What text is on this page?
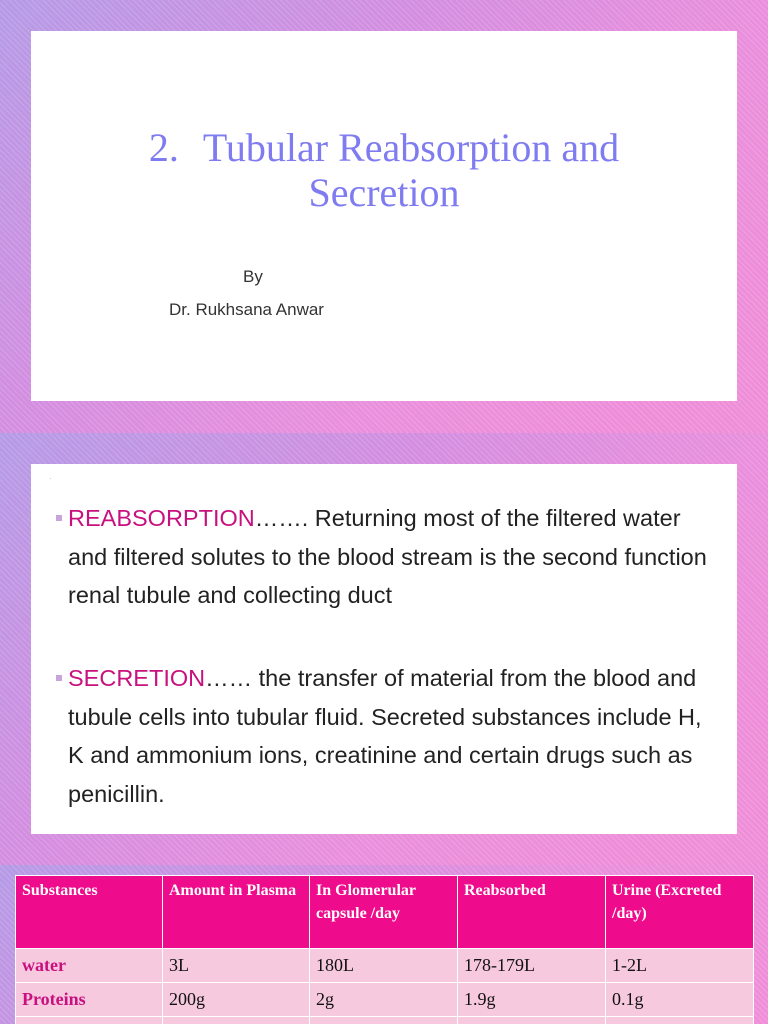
2. Tubular Reabsorption and
Secretion
By
Dr. Rukhsana Anwar
·
REABSORPTION……. Returning most of the filtered water and filtered solutes to the blood stream is the second function renal tubule and collecting duct
SECRETION…… the transfer of material from the blood and tubule cells into tubular fluid. Secreted substances include H, K and ammonium ions, creatinine and certain drugs such as penicillin.
Substances	Amount in Plasma	In Glomerular capsule /day	Reabsorbed	Urine (Excreted /day)
water	3L	180L	178-179L	1-2L
Proteins	200g	2g	1.9g	0.1g
